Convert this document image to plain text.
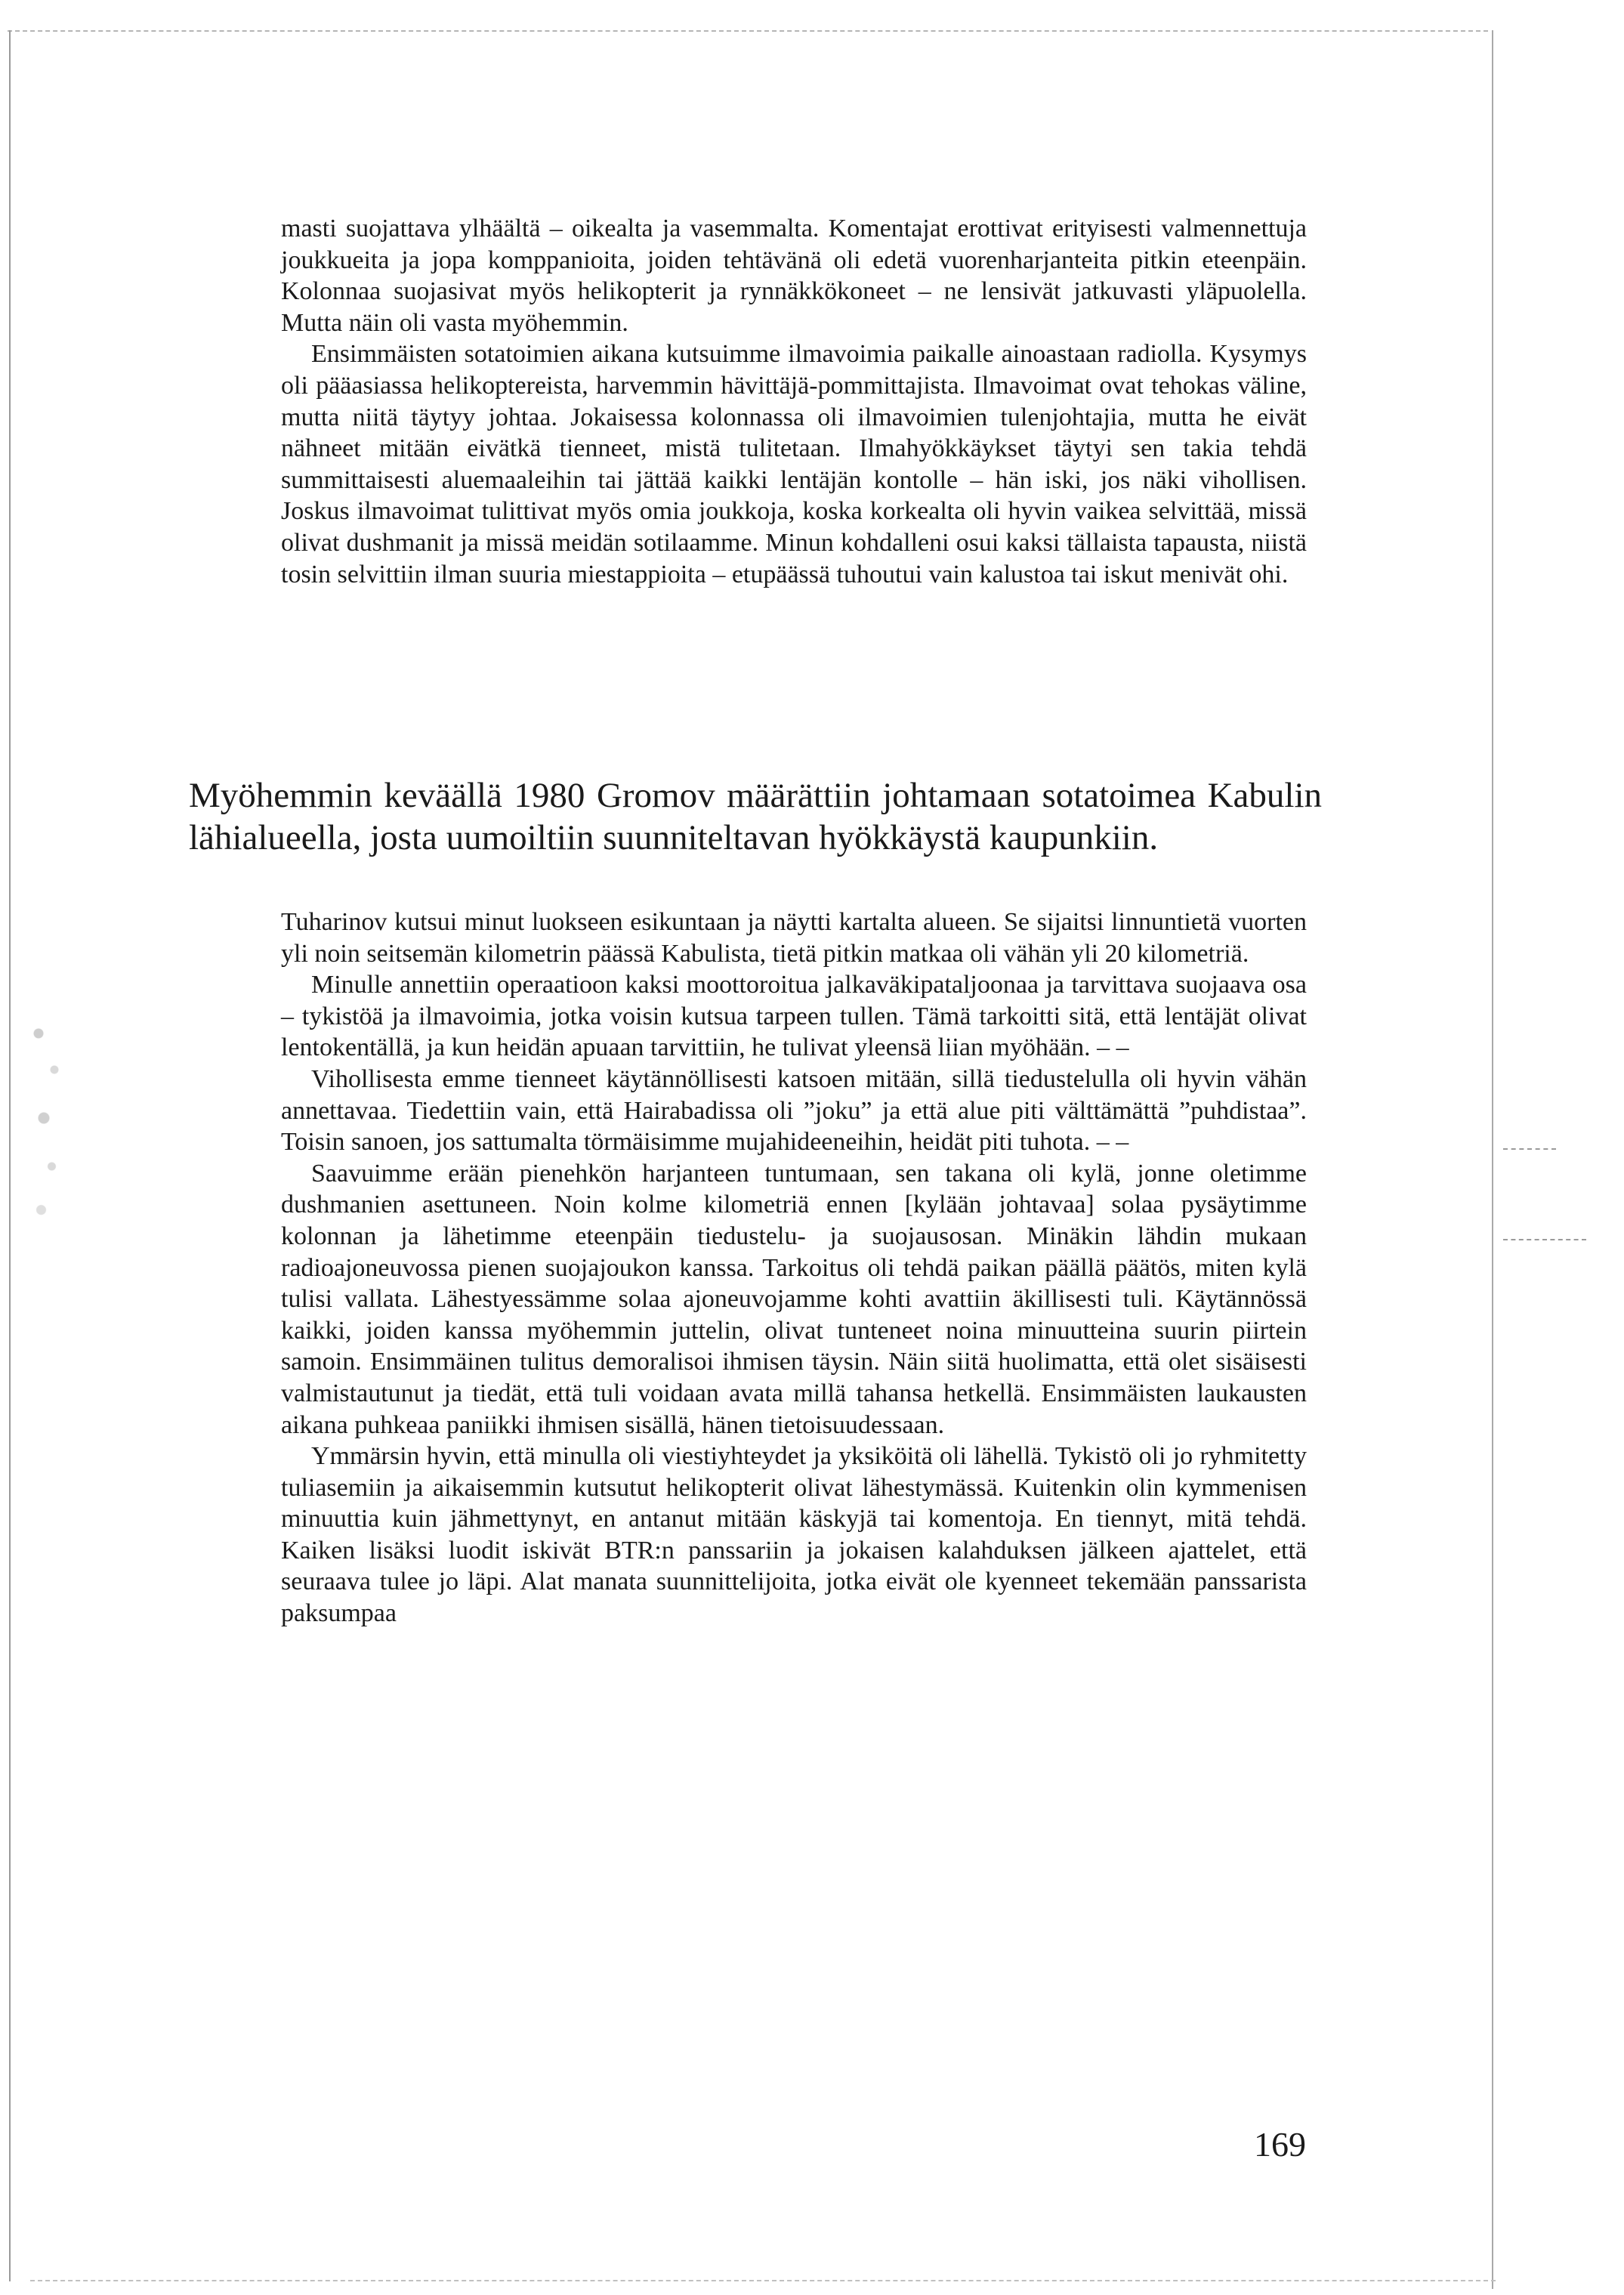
masti suojattava ylhäältä – oikealta ja vasemmalta. Komentajat erottivat erityisesti valmennettuja joukkueita ja jopa komppanioita, joiden tehtävänä oli edetä vuorenharjanteita pitkin eteenpäin. Kolonnaa suojasivat myös helikopterit ja rynnäkkökoneet – ne lensivät jatkuvasti yläpuolella. Mutta näin oli vasta myöhemmin.

Ensimmäisten sotatoimien aikana kutsuimme ilmavoimia paikalle ainoastaan radiolla. Kysymys oli pääasiassa helikoptereista, harvemmin hävittäjä-pommittajista. Ilmavoimat ovat tehokas väline, mutta niitä täytyy johtaa. Jokaisessa kolonnassa oli ilmavoimien tulenjohtajia, mutta he eivät nähneet mitään eivätkä tienneet, mistä tulitetaan. Ilmahyökkäykset täytyi sen takia tehdä summittaisesti aluemaaleihin tai jättää kaikki lentäjän kontolle – hän iski, jos näki vihollisen. Joskus ilmavoimat tulittivat myös omia joukkoja, koska korkealta oli hyvin vaikea selvittää, missä olivat dushmanit ja missä meidän sotilaamme. Minun kohdalleni osui kaksi tällaista tapausta, niistä tosin selvittiin ilman suuria miestappioita – etupäässä tuhoutui vain kalustoa tai iskut menivät ohi.

Myöhemmin keväällä 1980 Gromov määrättiin johtamaan sotatoimea Kabulin lähialueella, josta uumoiltiin suunniteltavan hyökkäystä kaupunkiin.

Tuharinov kutsui minut luokseen esikuntaan ja näytti kartalta alueen. Se sijaitsi linnuntietä vuorten yli noin seitsemän kilometrin päässä Kabulista, tietä pitkin matkaa oli vähän yli 20 kilometriä.

Minulle annettiin operaatioon kaksi moottoroitua jalkaväkipataljoonaa ja tarvittava suojaava osa – tykistöä ja ilmavoimia, jotka voisin kutsua tarpeen tullen. Tämä tarkoitti sitä, että lentäjät olivat lentokentällä, ja kun heidän apuaan tarvittiin, he tulivat yleensä liian myöhään. – –

Vihollisesta emme tienneet käytännöllisesti katsoen mitään, sillä tiedustelulla oli hyvin vähän annettavaa. Tiedettiin vain, että Hairabadissa oli ”joku” ja että alue piti välttämättä ”puhdistaa”. Toisin sanoen, jos sattumalta törmäisimme mujahideeneihin, heidät piti tuhota. – –

Saavuimme erään pienehkön harjanteen tuntumaan, sen takana oli kylä, jonne oletimme dushmanien asettuneen. Noin kolme kilometriä ennen [kylään johtavaa] solaa pysäytimme kolonnan ja lähetimme eteenpäin tiedustelu- ja suojausosan. Minäkin lähdin mukaan radioajoneuvossa pienen suojajoukon kanssa. Tarkoitus oli tehdä paikan päällä päätös, miten kylä tulisi vallata. Lähestyessämme solaa ajoneuvojamme kohti avattiin äkillisesti tuli. Käytännössä kaikki, joiden kanssa myöhemmin juttelin, olivat tunteneet noina minuutteina suurin piirtein samoin. Ensimmäinen tulitus demoralisoi ihmisen täysin. Näin siitä huolimatta, että olet sisäisesti valmistautunut ja tiedät, että tuli voidaan avata millä tahansa hetkellä. Ensimmäisten laukausten aikana puhkeaa paniikki ihmisen sisällä, hänen tietoisuudessaan.

Ymmärsin hyvin, että minulla oli viestiyhteydet ja yksiköitä oli lähellä. Tykistö oli jo ryhmitetty tuliasemiin ja aikaisemmin kutsutut helikopterit olivat lähestymässä. Kuitenkin olin kymmenisen minuuttia kuin jähmettynyt, en antanut mitään käskyjä tai komentoja. En tiennyt, mitä tehdä. Kaiken lisäksi luodit iskivät BTR:n panssariin ja jokaisen kalahduksen jälkeen ajattelet, että seuraava tulee jo läpi. Alat manata suunnittelijoita, jotka eivät ole kyenneet tekemään panssarista paksumpaa

169
